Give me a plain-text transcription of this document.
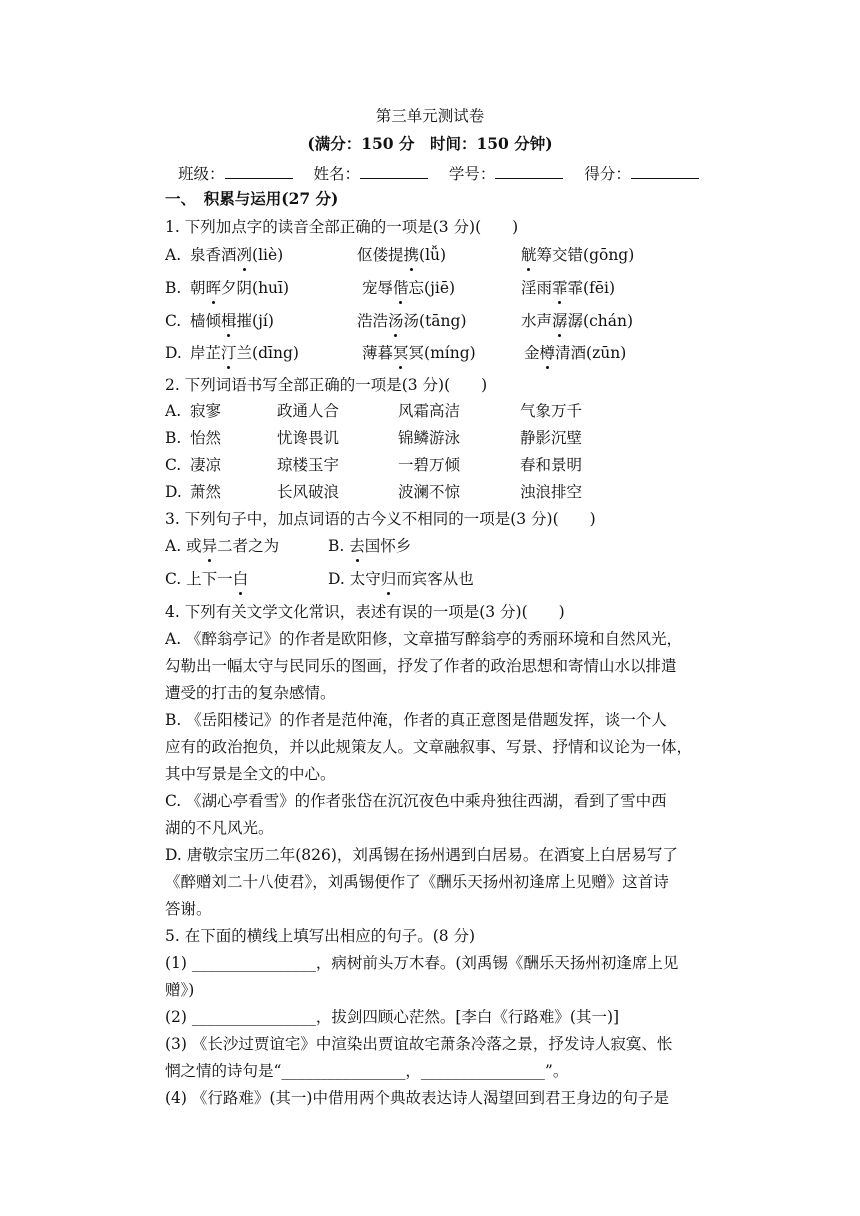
第三单元测试卷
(满分：150 分　时间：150 分钟)
班级：	姓名：	学号：	得分：
一、　积累与运用(27 分)
1. 下列加点字的读音全部正确的一项是(3 分)(　　)
A. 泉香酒冽(liè)	伛偻提携(lǚ)	觥筹交错(gōng)
B. 朝晖夕阴(huī)	宠辱偕忘(jiē)	淫雨霏霏(fēi)
C. 樯倾楫摧(jí)	浩浩汤汤(tāng)	水声潺潺(chán)
D. 岸芷汀兰(dīng)	薄暮冥冥(míng)	金樽清酒(zūn)
2. 下列词语书写全部正确的一项是(3 分)(　　)
A. 寂寥	政通人合	风霜高洁	气象万千
B. 怡然	忧谗畏讥	锦鳞游泳	静影沉壁
C. 凄凉	琼楼玉宇	一碧万倾	春和景明
D. 萧然	长风破浪	波澜不惊	浊浪排空
3. 下列句子中，加点词语的古今义不相同的一项是(3 分)(　　)
A. 或异二者之为	B. 去国怀乡
C. 上下一白	D. 太守归而宾客从也
4. 下列有关文学文化常识，表述有误的一项是(3 分)(　　)
A. 《醉翁亭记》的作者是欧阳修，文章描写醉翁亭的秀丽环境和自然风光，
勾勒出一幅太守与民同乐的图画，抒发了作者的政治思想和寄情山水以排遣
遭受的打击的复杂感情。
B. 《岳阳楼记》的作者是范仲淹，作者的真正意图是借题发挥，谈一个人
应有的政治抱负，并以此规策友人。文章融叙事、写景、抒情和议论为一体，
其中写景是全文的中心。
C. 《湖心亭看雪》的作者张岱在沉沉夜色中乘舟独往西湖，看到了雪中西
湖的不凡风光。
D. 唐敬宗宝历二年(826)，刘禹锡在扬州遇到白居易。在酒宴上白居易写了
《醉赠刘二十八使君》，刘禹锡便作了《酬乐天扬州初逢席上见赠》这首诗
答谢。
5. 在下面的横线上填写出相应的句子。(8 分)
(1) ________________，病树前头万木春。(刘禹锡《酬乐天扬州初逢席上见
赠》)
(2) ________________，拔剑四顾心茫然。[李白《行路难》(其一)]
(3) 《长沙过贾谊宅》中渲染出贾谊故宅萧条冷落之景，抒发诗人寂寞、怅
惘之情的诗句是“________________，________________”。
(4) 《行路难》(其一)中借用两个典故表达诗人渴望回到君王身边的句子是
